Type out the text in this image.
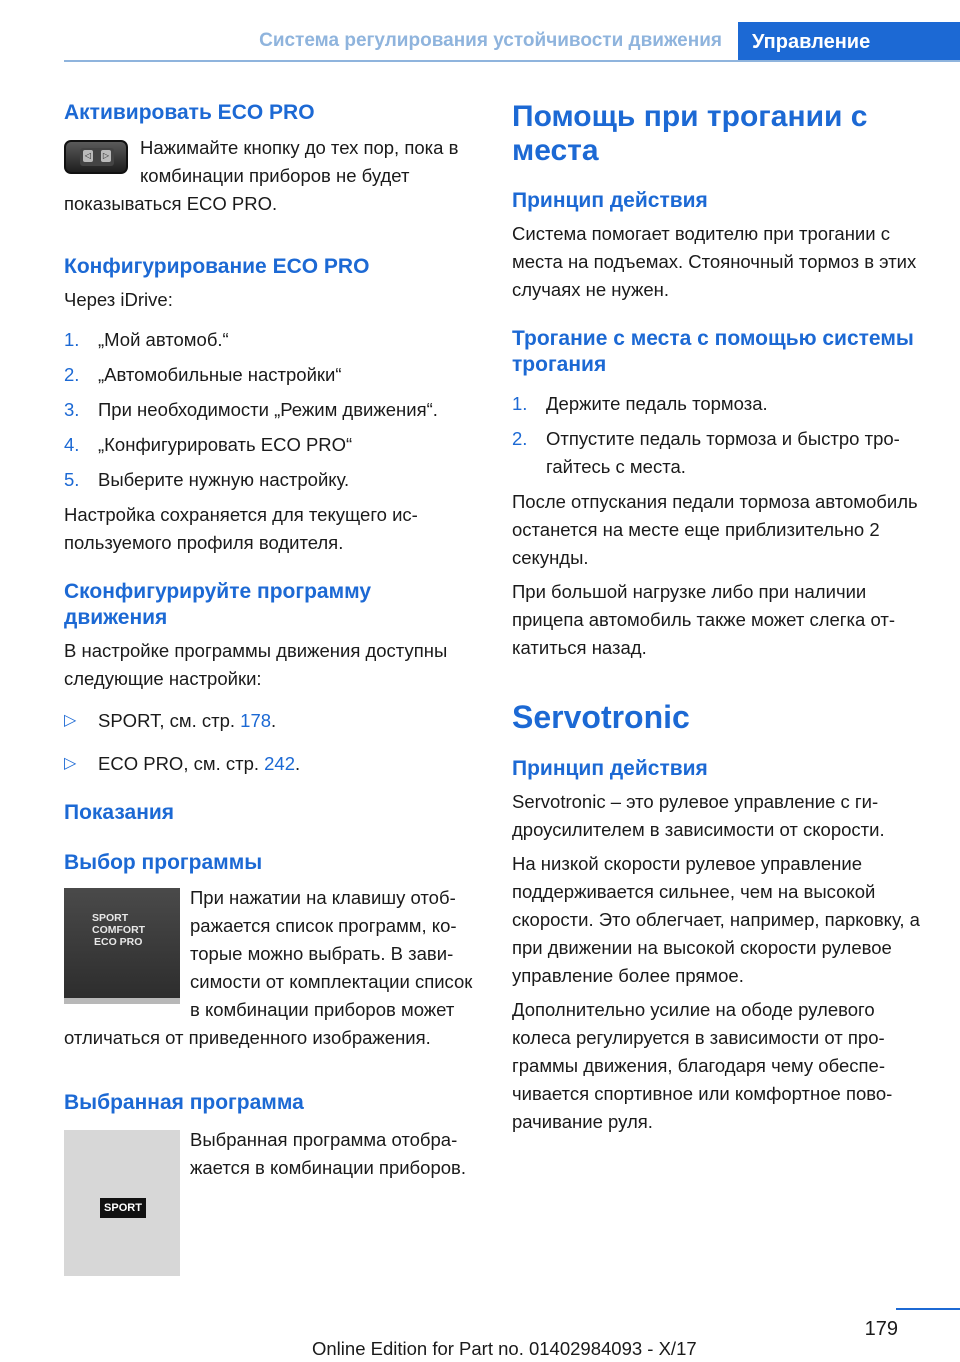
Система регулирования устойчивости движения	Управление
Активировать ECO PRO
◁ ▷	Нажимайте кнопку до тех пор, пока в комбинации приборов не будет
показываться ECO PRO.
Конфигурирование ECO PRO
Через iDrive:
1. „Мой автомоб.“
2. „Автомобильные настройки“
3. При необходимости „Режим движения“.
4. „Конфигурировать ECO PRO“
5. Выберите нужную настройку.
Настройка сохраняется для текущего используемого профиля водителя.
Сконфигурируйте программу движения
В настройке программы движения доступны следующие настройки:
▷ SPORT, см. стр. 178.
▷ ECO PRO, см. стр. 242.
Показания
Выбор программы
SPORT
COMFORT
ECO PRO
При нажатии на клавишу отображается список программ, которые можно выбрать. В зависимости от комплектации список в комбинации приборов может отличаться от приведенного изображения.
Выбранная программа
SPORT
Выбранная программа отображается в комбинации приборов.
Помощь при трогании с места
Принцип действия
Система помогает водителю при трогании с места на подъемах. Стояночный тормоз в этих случаях не нужен.
Трогание с места с помощью системы трогания
1. Держите педаль тормоза.
2. Отпустите педаль тормоза и быстро трогайтесь с места.
После отпускания педали тормоза автомобиль останется на месте еще приблизительно 2 секунды.
При большой нагрузке либо при наличии прицепа автомобиль также может слегка откатиться назад.
Servotronic
Принцип действия
Servotronic – это рулевое управление с гидроусилителем в зависимости от скорости.
На низкой скорости рулевое управление поддерживается сильнее, чем на высокой скорости. Это облегчает, например, парковку, а при движении на высокой скорости рулевое управление более прямое.
Дополнительно усилие на ободе рулевого колеса регулируется в зависимости от программы движения, благодаря чему обеспечивается спортивное или комфортное поворачивание руля.
179
Online Edition for Part no. 01402984093 - X/17
